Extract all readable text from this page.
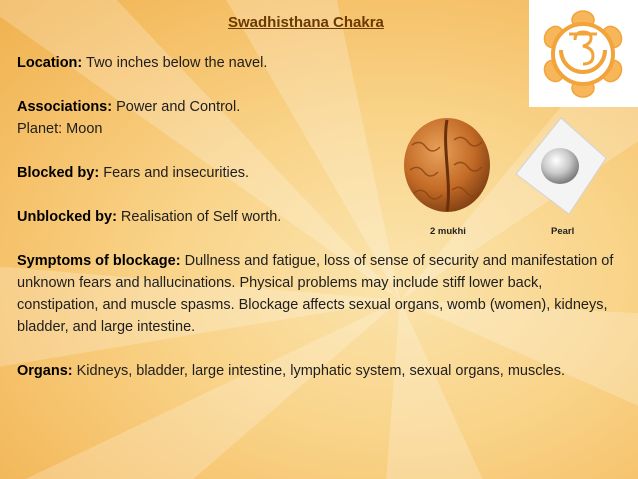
Swadhisthana Chakra

Location: Two inches below the navel.

Associations: Power and Control.
Planet: Moon

Blocked by: Fears and insecurities.

Unblocked by: Realisation of Self worth.

Symptoms of blockage: Dullness and fatigue, loss of sense of security and manifestation of unknown fears and hallucinations. Physical problems may include stiff lower back, constipation, and muscle spasms. Blockage affects sexual organs, womb (women), kidneys, bladder, and large intestine.

Organs: Kidneys, bladder, large intestine, lymphatic system, sexual organs, muscles.

2 mukhi	Pearl
